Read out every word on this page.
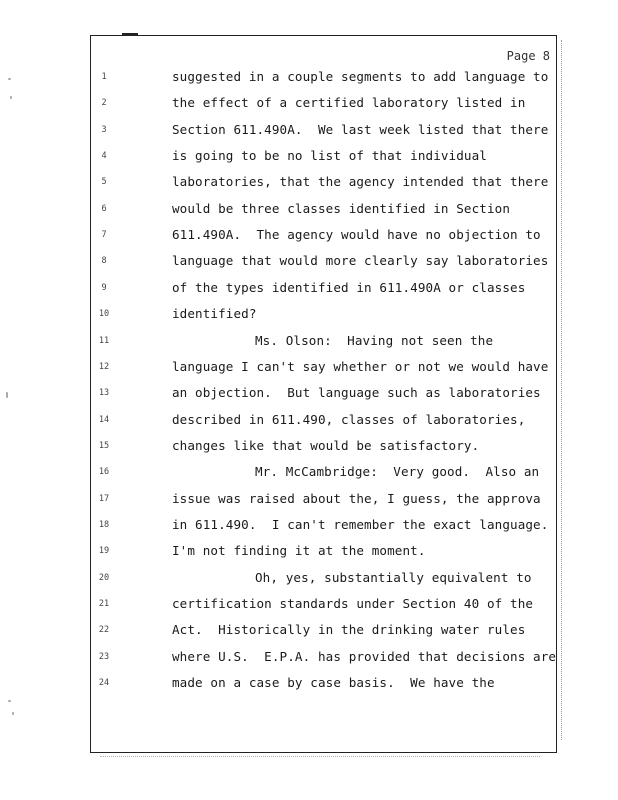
Page 8
1	suggested in a couple segments to add language to
2	the effect of a certified laboratory listed in
3	Section 611.490A.  We last week listed that there
4	is going to be no list of that individual
5	laboratories, that the agency intended that there
6	would be three classes identified in Section
7	611.490A.  The agency would have no objection to
8	language that would more clearly say laboratories
9	of the types identified in 611.490A or classes
10	identified?
11	Ms. Olson:  Having not seen the
12	language I can't say whether or not we would have
13	an objection.  But language such as laboratories
14	described in 611.490, classes of laboratories,
15	changes like that would be satisfactory.
16	Mr. McCambridge:  Very good.  Also an
17	issue was raised about the, I guess, the approva
18	in 611.490.  I can't remember the exact language.
19	I'm not finding it at the moment.
20	Oh, yes, substantially equivalent to
21	certification standards under Section 40 of the
22	Act.  Historically in the drinking water rules
23	where U.S.  E.P.A. has provided that decisions are
24	made on a case by case basis.  We have the
